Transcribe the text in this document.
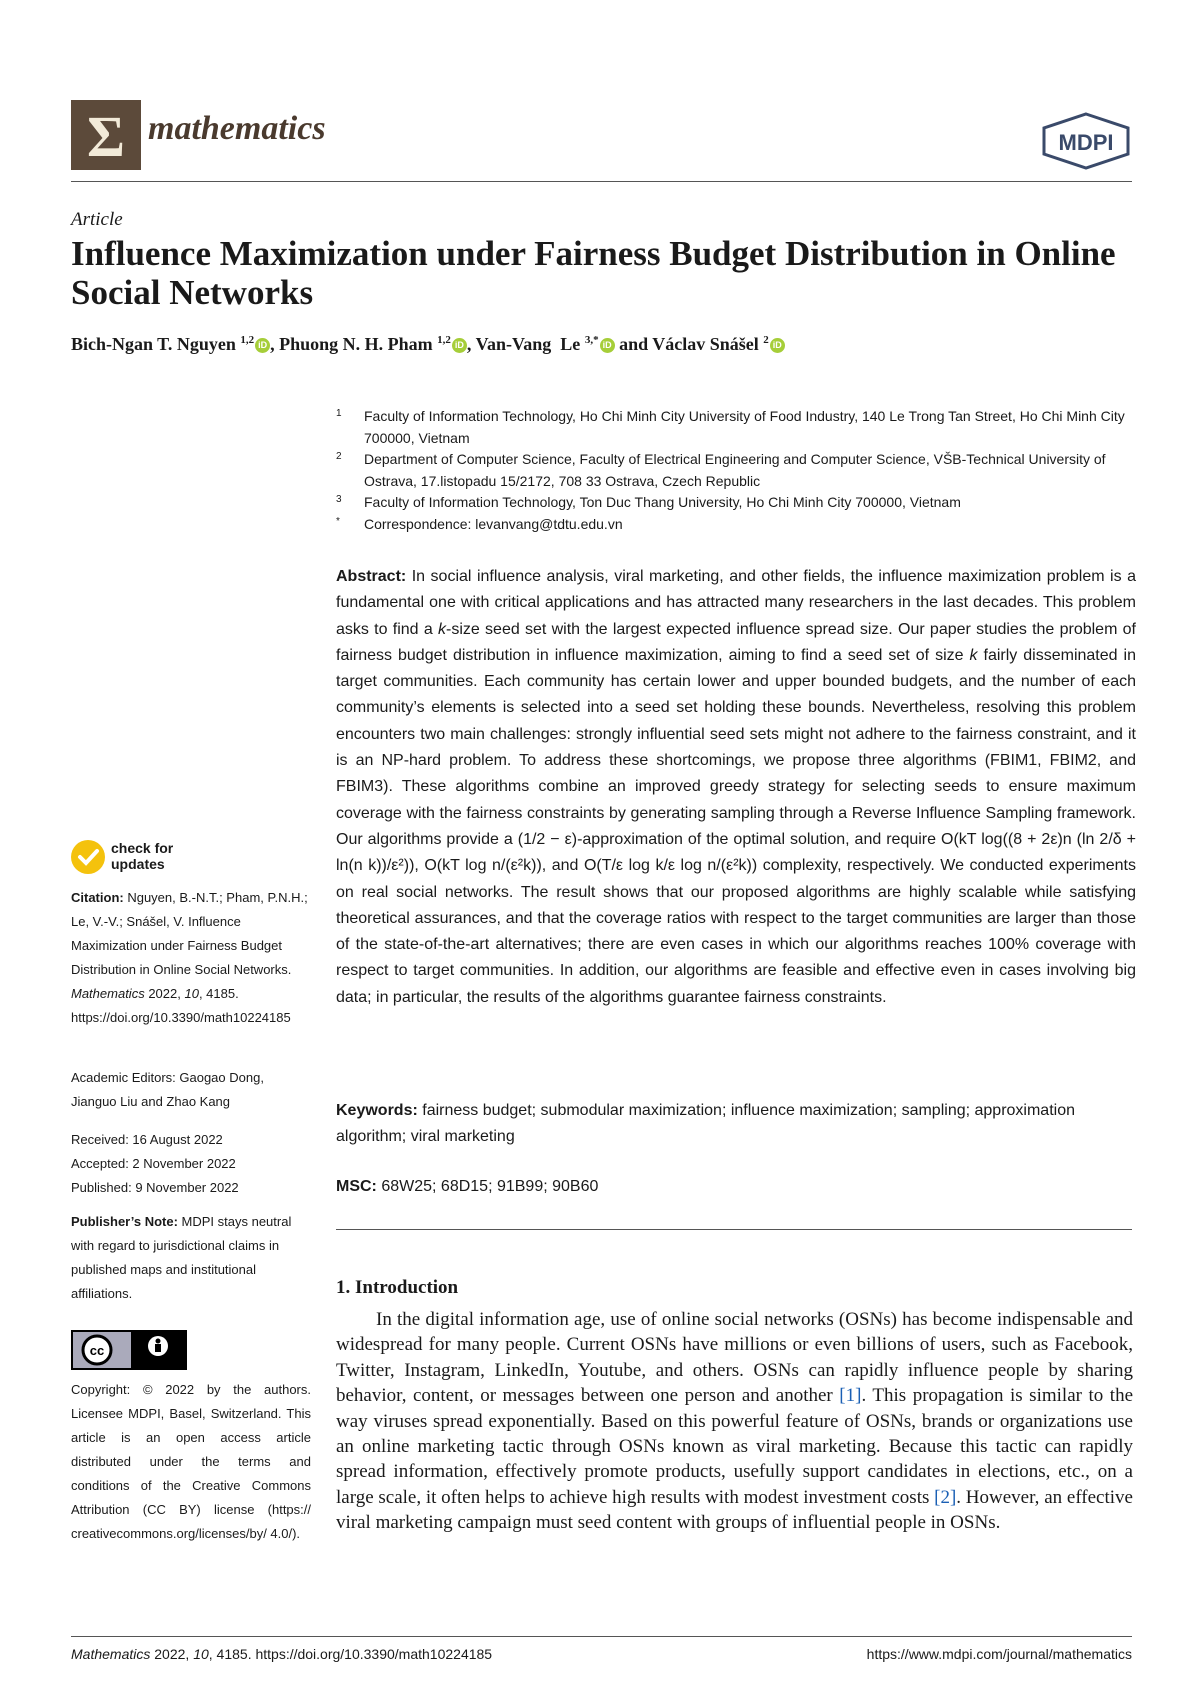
Σ mathematics	MDPI
Article
Influence Maximization under Fairness Budget Distribution in Online Social Networks
Bich-Ngan T. Nguyen $^{1,2}$ iD , Phuong N. H. Pham $^{1,2}$ iD , Van-Vang  Le $^{3,*}$ iD and Václav Snášel $^2$ iD
1 Faculty of Information Technology, Ho Chi Minh City University of Food Industry, 140 Le Trong Tan Street, Ho Chi Minh City 700000, Vietnam
2 Department of Computer Science, Faculty of Electrical Engineering and Computer Science, VŠB-Technical University of Ostrava, 17.listopadu 15/2172, 708 33 Ostrava, Czech Republic
3 Faculty of Information Technology, Ton Duc Thang University, Ho Chi Minh City 700000, Vietnam
* Correspondence: levanvang@tdtu.edu.vn
Abstract: In social influence analysis, viral marketing, and other fields, the influence maximization problem is a fundamental one with critical applications and has attracted many researchers in the last decades. This problem asks to find a k-size seed set with the largest expected influence spread size. Our paper studies the problem of fairness budget distribution in influence maximization, aiming to find a seed set of size k fairly disseminated in target communities. Each community has certain lower and upper bounded budgets, and the number of each community’s elements is selected into a seed set holding these bounds. Nevertheless, resolving this problem encounters two main challenges: strongly influential seed sets might not adhere to the fairness constraint, and it is an NP-hard problem. To address these shortcomings, we propose three algorithms (FBIM1, FBIM2, and FBIM3). These algorithms combine an improved greedy strategy for selecting seeds to ensure maximum coverage with the fairness constraints by generating sampling through a Reverse Influence Sampling framework. Our algorithms provide a (1/2 − ε)-approximation of the optimal solution, and require O(kT log((8 + 2ε)n (ln 2/δ + ln(n k))/ε²)), O(kT log n/(ε²k)), and O(T/ε log k/ε log n/(ε²k)) complexity, respectively. We conducted experiments on real social networks. The result shows that our proposed algorithms are highly scalable while satisfying theoretical assurances, and that the coverage ratios with respect to the target communities are larger than those of the state-of-the-art alternatives; there are even cases in which our algorithms reaches 100% coverage with respect to target communities. In addition, our algorithms are feasible and effective even in cases involving big data; in particular, the results of the algorithms guarantee fairness constraints.
Keywords: fairness budget; submodular maximization; influence maximization; sampling; approximation algorithm; viral marketing
MSC: 68W25; 68D15; 91B99; 90B60
1. Introduction
In the digital information age, use of online social networks (OSNs) has become indispensable and widespread for many people. Current OSNs have millions or even billions of users, such as Facebook, Twitter, Instagram, LinkedIn, Youtube, and others. OSNs can rapidly influence people by sharing behavior, content, or messages between one person and another [1]. This propagation is similar to the way viruses spread exponentially. Based on this powerful feature of OSNs, brands or organizations use an online marketing tactic through OSNs known as viral marketing. Because this tactic can rapidly spread information, effectively promote products, usefully support candidates in elections, etc., on a large scale, it often helps to achieve high results with modest investment costs [2]. However, an effective viral marketing campaign must seed content with groups of influential people in OSNs.
check for
updates
Citation: Nguyen, B.-N.T.; Pham, P.N.H.; Le, V.-V.; Snášel, V. Influence Maximization under Fairness Budget Distribution in Online Social Networks. Mathematics 2022, 10, 4185. https://doi.org/10.3390/math10224185
Academic Editors: Gaogao Dong, Jianguo Liu and Zhao Kang
Received: 16 August 2022
Accepted: 2 November 2022
Published: 9 November 2022
Publisher’s Note: MDPI stays neutral with regard to jurisdictional claims in published maps and institutional affiliations.
cc
Copyright: © 2022 by the authors. Licensee MDPI, Basel, Switzerland. This article is an open access article distributed under the terms and conditions of the Creative Commons Attribution (CC BY) license (https:// creativecommons.org/licenses/by/ 4.0/).
Mathematics 2022, 10, 4185. https://doi.org/10.3390/math10224185	https://www.mdpi.com/journal/mathematics
